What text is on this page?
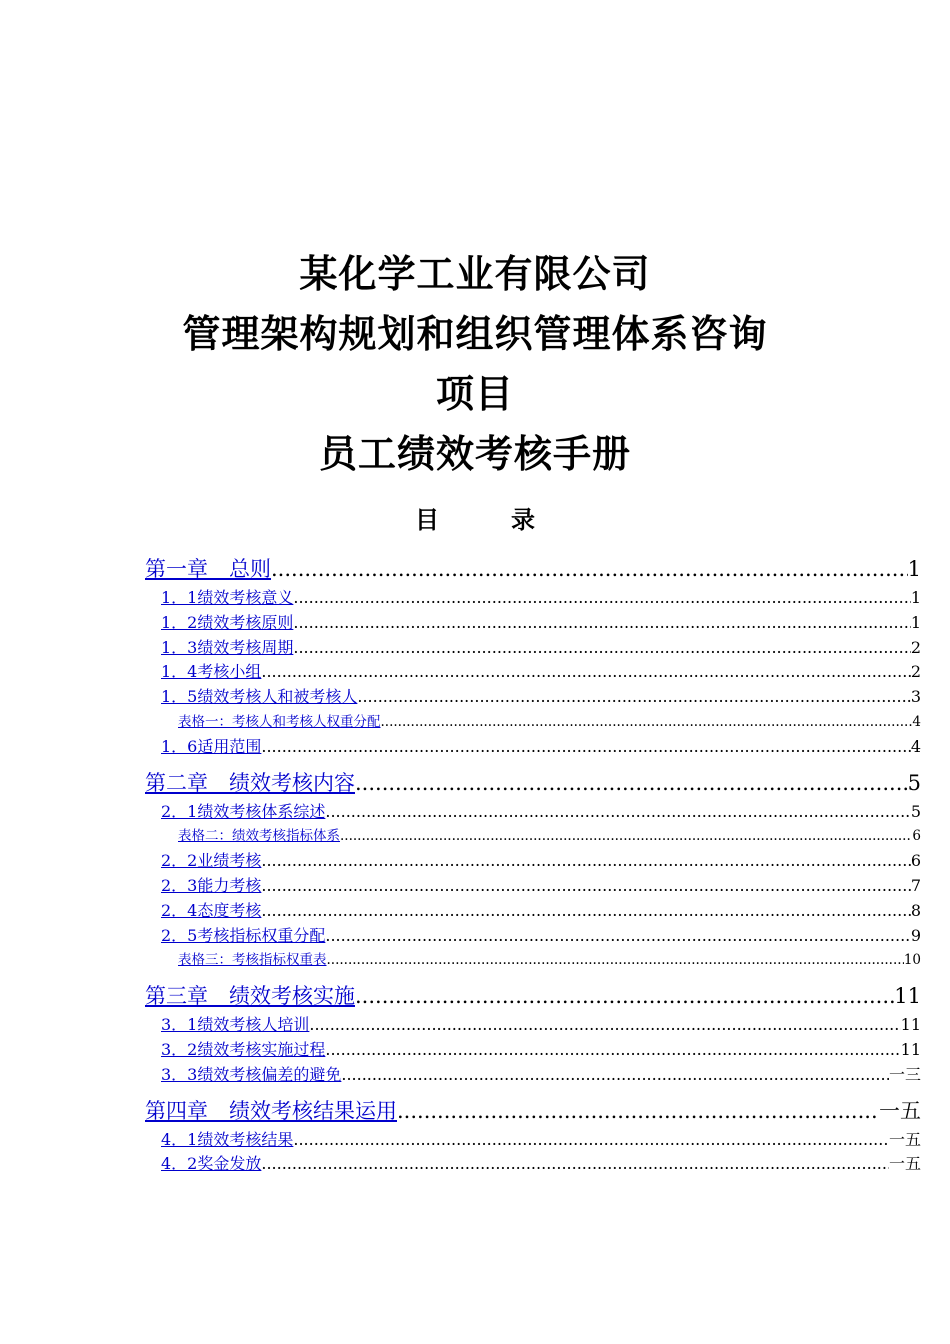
某化学工业有限公司
管理架构规划和组织管理体系咨询
项目
员工绩效考核手册
目　　　录
第一章　总则 .....	1
1．1绩效考核意义 .....	1
1．2绩效考核原则 .....	1
1．3绩效考核周期 .....	2
1．4考核小组 .....	2
1．5绩效考核人和被考核人 .....	3
表格一：考核人和考核人权重分配 .....	4
1．6适用范围 .....	4
第二章　绩效考核内容 .....	5
2．1绩效考核体系综述 .....	5
表格二：绩效考核指标体系 .....	6
2．2业绩考核 .....	6
2．3能力考核 .....	7
2．4态度考核 .....	8
2．5考核指标权重分配 .....	9
表格三：考核指标权重表 .....	10
第三章　绩效考核实施 .....	11
3．1绩效考核人培训 .....	11
3．2绩效考核实施过程 .....	11
3．3绩效考核偏差的避免 .....	一三
第四章　绩效考核结果运用 .....	一五
4．1绩效考核结果 .....	一五
4．2奖金发放 .....	一五
